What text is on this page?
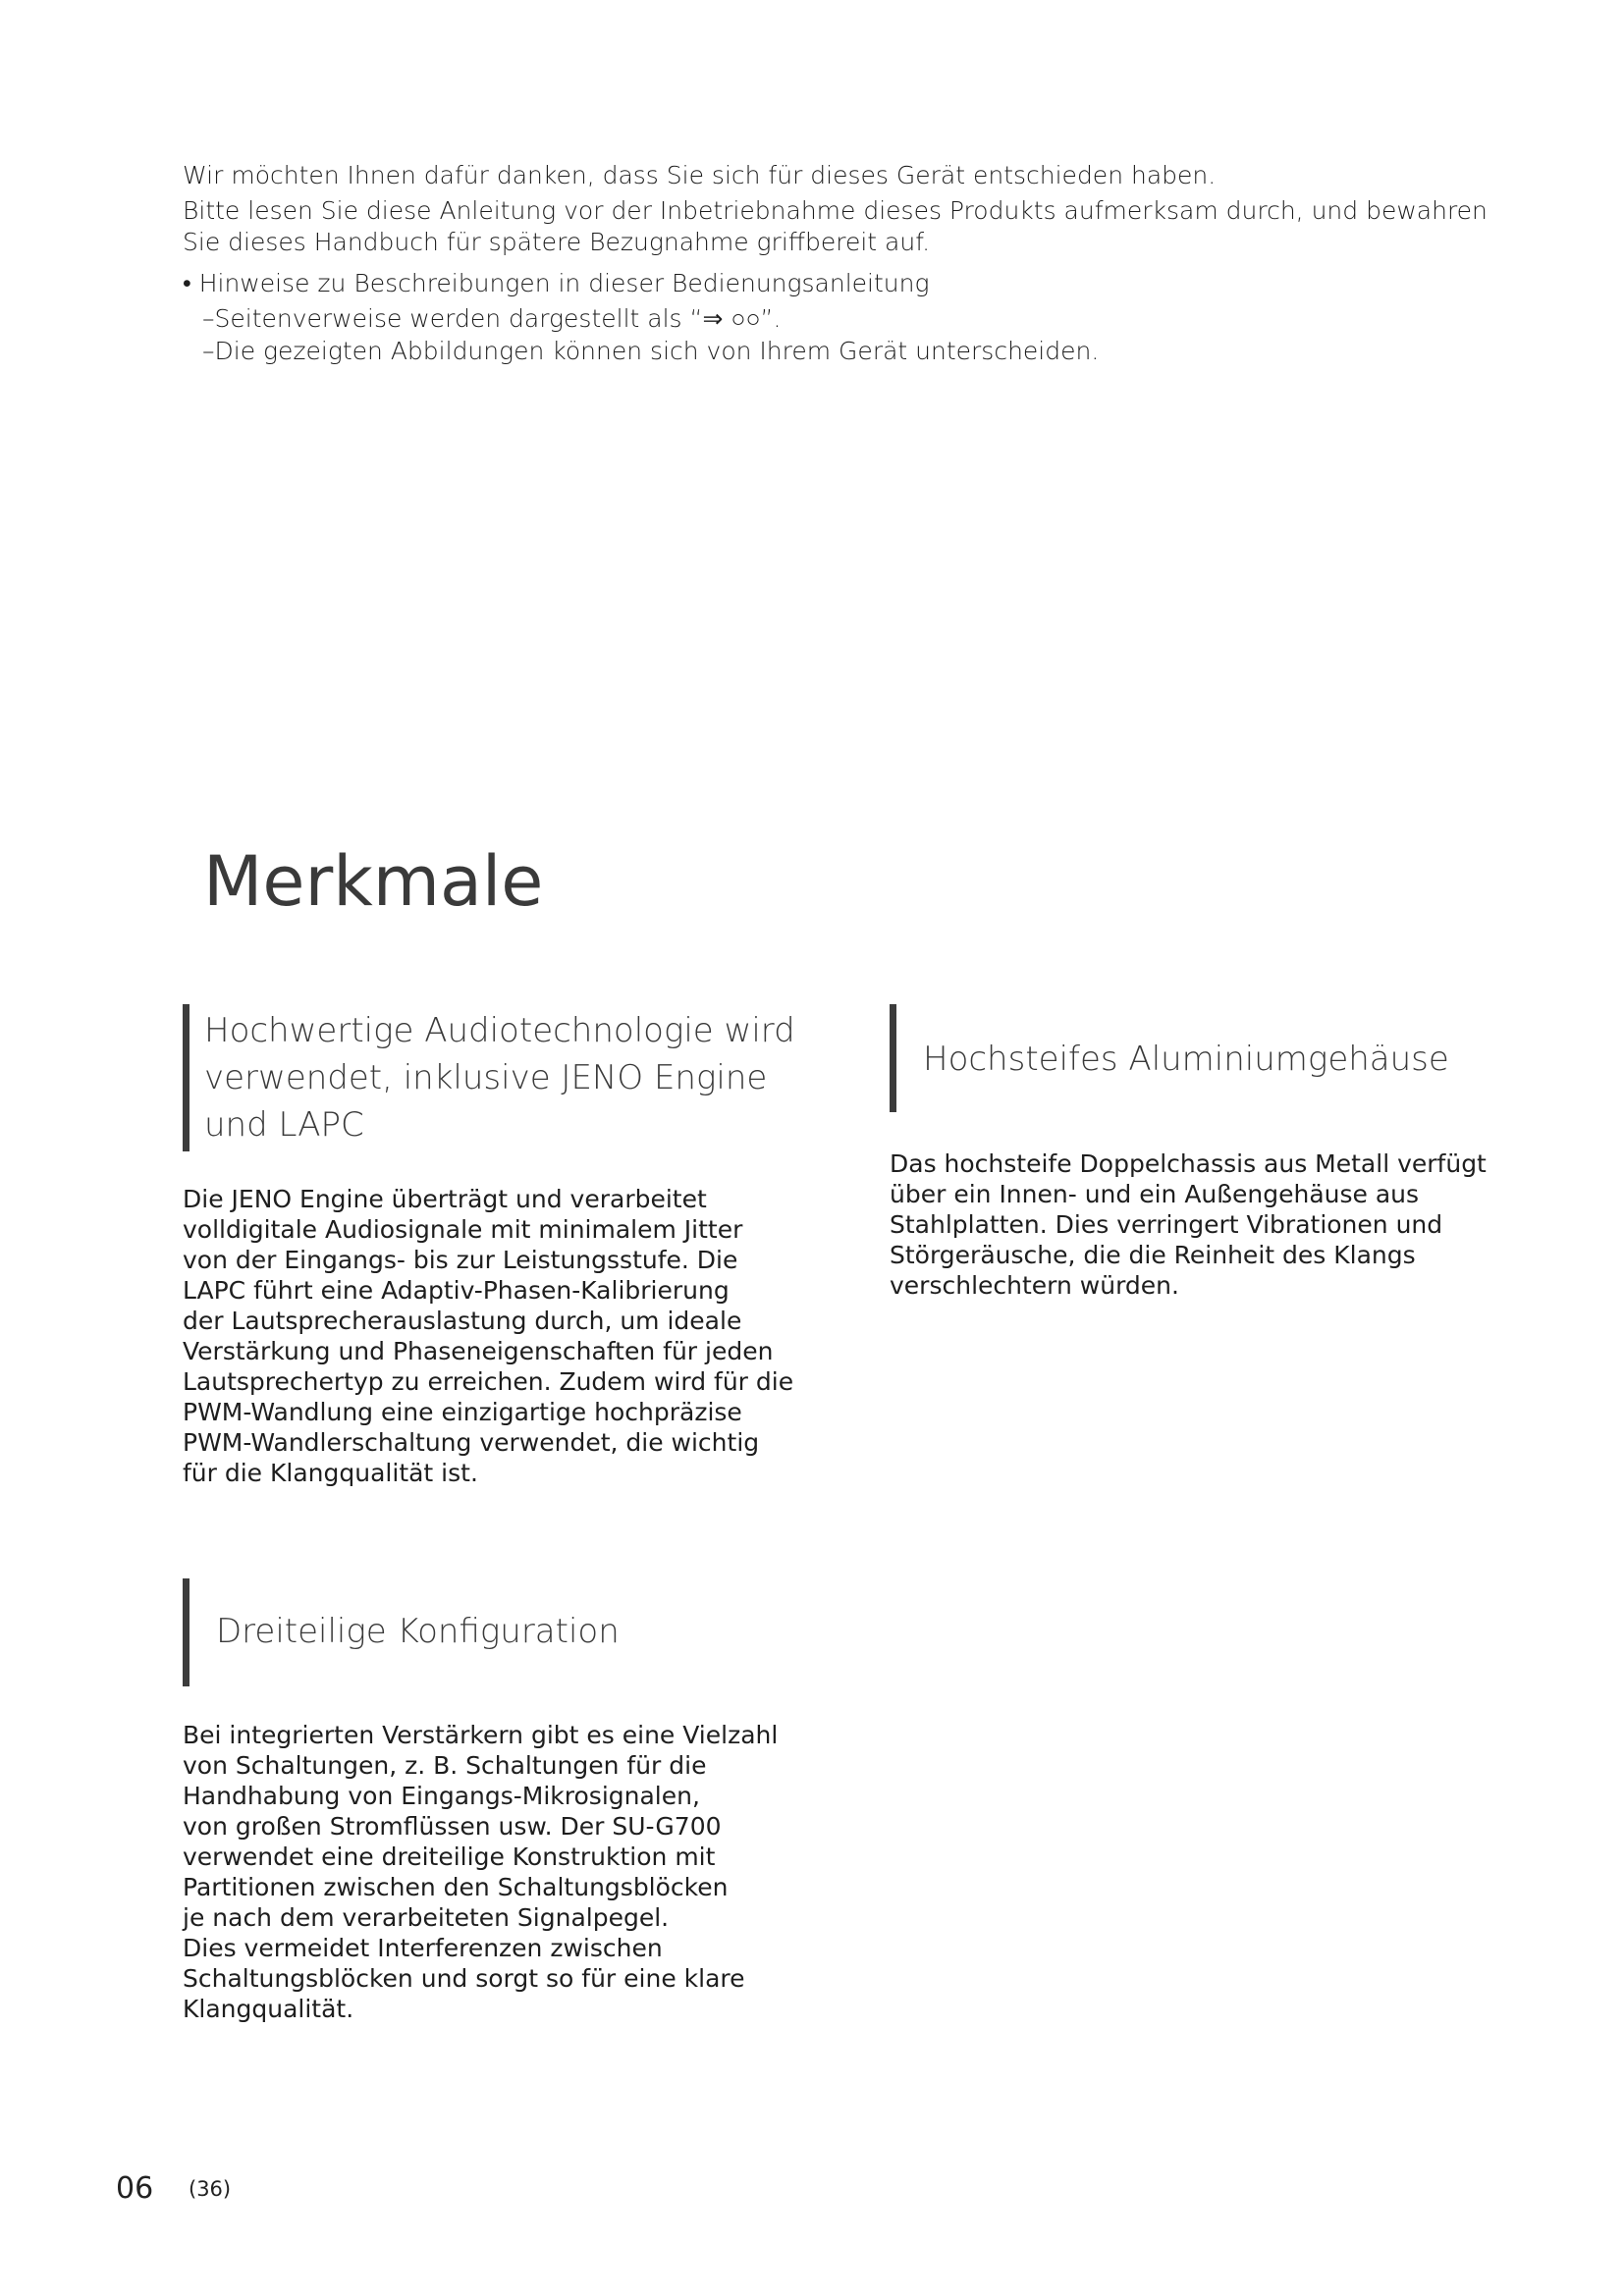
Wir möchten Ihnen dafür danken, dass Sie sich für dieses Gerät entschieden haben.
Bitte lesen Sie diese Anleitung vor der Inbetriebnahme dieses Produkts aufmerksam durch, und bewahren
Sie dieses Handbuch für spätere Bezugnahme griffbereit auf.
• Hinweise zu Beschreibungen in dieser Bedienungsanleitung
–Seitenverweise werden dargestellt als “⇒ ○○”.
–Die gezeigten Abbildungen können sich von Ihrem Gerät unterscheiden.
Merkmale
Hochwertige Audiotechnologie wird
verwendet, inklusive JENO Engine
und LAPC
Die JENO Engine überträgt und verarbeitet
volldigitale Audiosignale mit minimalem Jitter
von der Eingangs- bis zur Leistungsstufe. Die
LAPC führt eine Adaptiv-Phasen-Kalibrierung
der Lautsprecherauslastung durch, um ideale
Verstärkung und Phaseneigenschaften für jeden
Lautsprechertyp zu erreichen. Zudem wird für die
PWM-Wandlung eine einzigartige hochpräzise
PWM-Wandlerschaltung verwendet, die wichtig
für die Klangqualität ist.
Hochsteifes Aluminiumgehäuse
Das hochsteife Doppelchassis aus Metall verfügt
über ein Innen- und ein Außengehäuse aus
Stahlplatten. Dies verringert Vibrationen und
Störgeräusche, die die Reinheit des Klangs
verschlechtern würden.
Dreiteilige Konfiguration
Bei integrierten Verstärkern gibt es eine Vielzahl
von Schaltungen, z. B. Schaltungen für die
Handhabung von Eingangs-Mikrosignalen,
von großen Stromflüssen usw. Der SU-G700
verwendet eine dreiteilige Konstruktion mit
Partitionen zwischen den Schaltungsblöcken
je nach dem verarbeiteten Signalpegel.
Dies vermeidet Interferenzen zwischen
Schaltungsblöcken und sorgt so für eine klare
Klangqualität.
06 (36)
